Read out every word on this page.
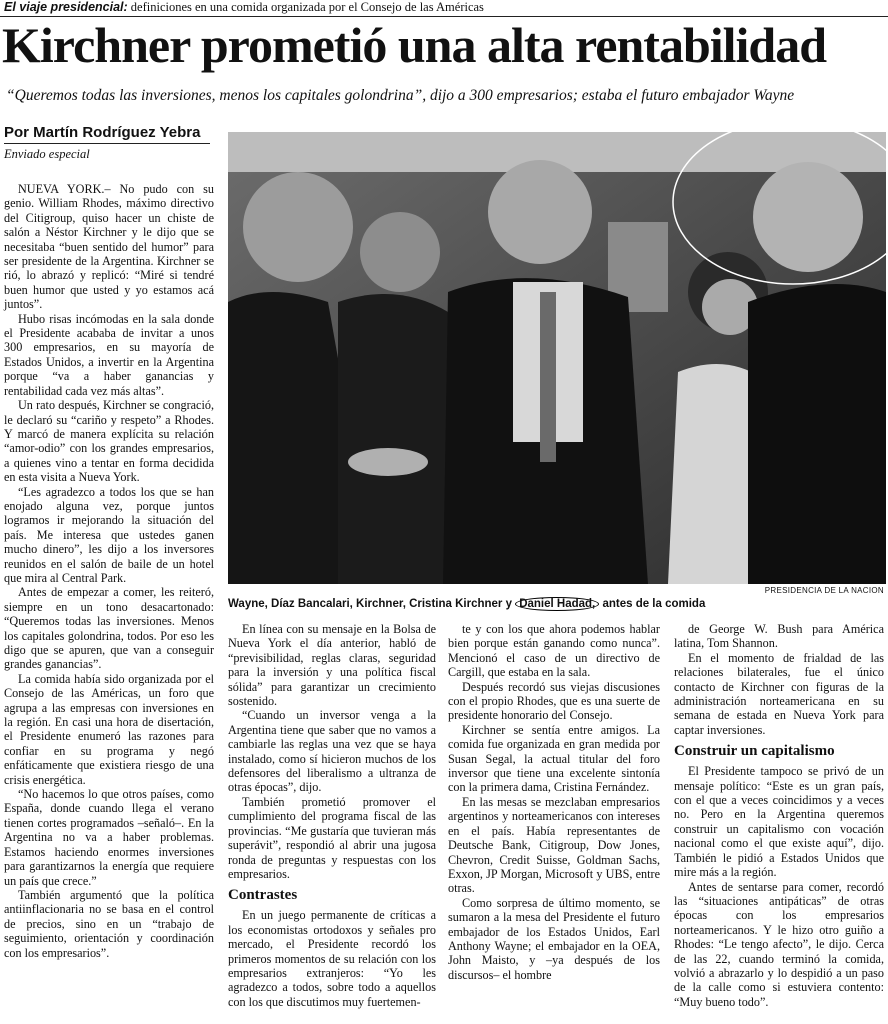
El viaje presidencial: definiciones en una comida organizada por el Consejo de las Américas
Kirchner prometió una alta rentabilidad
“Queremos todas las inversiones, menos los capitales golondrina”, dijo a 300 empresarios; estaba el futuro embajador Wayne
Por Martín Rodríguez Yebra
Enviado especial
PRESIDENCIA DE LA NACION
Wayne, Díaz Bancalari, Kirchner, Cristina Kirchner y Daniel Hadad, antes de la comida

NUEVA YORK.– No pudo con su genio. William Rhodes, máximo directivo del Citigroup, quiso hacer un chiste de salón a Néstor Kirchner y le dijo que se necesitaba “buen sentido del humor” para ser presidente de la Argentina. Kirchner se rió, lo abrazó y replicó: “Miré si tendré buen humor que usted y yo estamos acá juntos”.

Hubo risas incómodas en la sala donde el Presidente acababa de invitar a unos 300 empresarios, en su mayoría de Estados Unidos, a invertir en la Argentina porque “va a haber ganancias y rentabilidad cada vez más altas”.

Un rato después, Kirchner se congració, le declaró su “cariño y respeto” a Rhodes. Y marcó de manera explícita su relación “amor-odio” con los grandes empresarios, a quienes vino a tentar en forma decidida en esta visita a Nueva York.

“Les agradezco a todos los que se han enojado alguna vez, porque juntos logramos ir mejorando la situación del país. Me interesa que ustedes ganen mucho dinero”, les dijo a los inversores reunidos en el salón de baile de un hotel que mira al Central Park.

Antes de empezar a comer, les reiteró, siempre en un tono desacartonado: “Queremos todas las inversiones. Menos los capitales golondrina, todos. Por eso les digo que se apuren, que van a conseguir grandes ganancias”.

La comida había sido organizada por el Consejo de las Américas, un foro que agrupa a las empresas con inversiones en la región. En casi una hora de disertación, el Presidente enumeró las razones para confiar en su programa y negó enfáticamente que existiera riesgo de una crisis energética.

“No hacemos lo que otros países, como España, donde cuando llega el verano tienen cortes programados –señaló–. En la Argentina no va a haber problemas. Estamos haciendo enormes inversiones para garantizarnos la energía que requiere un país que crece.”

También argumentó que la política antiinflacionaria no se basa en el control de precios, sino en un “trabajo de seguimiento, orientación y coordinación con los empresarios”.

En línea con su mensaje en la Bolsa de Nueva York el día anterior, habló de “previsibilidad, reglas claras, seguridad para la inversión y una política fiscal sólida” para garantizar un crecimiento sostenido.

“Cuando un inversor venga a la Argentina tiene que saber que no vamos a cambiarle las reglas una vez que se haya instalado, como sí hicieron muchos de los defensores del liberalismo a ultranza de otras épocas”, dijo.

También prometió promover el cumplimiento del programa fiscal de las provincias. “Me gustaría que tuvieran más superávit”, respondió al abrir una jugosa ronda de preguntas y respuestas con los empresarios.

Contrastes

En un juego permanente de críticas a los economistas ortodoxos y señales pro mercado, el Presidente recordó los primeros momentos de su relación con los empresarios extranjeros: “Yo les agradezco a todos, sobre todo a aquellos con los que discutimos muy fuertemen-

te y con los que ahora podemos hablar bien porque están ganando como nunca”. Mencionó el caso de un directivo de Cargill, que estaba en la sala.

Después recordó sus viejas discusiones con el propio Rhodes, que es una suerte de presidente honorario del Consejo.

Kirchner se sentía entre amigos. La comida fue organizada en gran medida por Susan Segal, la actual titular del foro inversor que tiene una excelente sintonía con la primera dama, Cristina Fernández.

En las mesas se mezclaban empresarios argentinos y norteamericanos con intereses en el país. Había representantes de Deutsche Bank, Citigroup, Dow Jones, Chevron, Credit Suisse, Goldman Sachs, Exxon, JP Morgan, Microsoft y UBS, entre otras.

Como sorpresa de último momento, se sumaron a la mesa del Presidente el futuro embajador de los Estados Unidos, Earl Anthony Wayne; el embajador en la OEA, John Maisto, y –ya después de los discursos– el hombre

de George W. Bush para América latina, Tom Shannon.

En el momento de frialdad de las relaciones bilaterales, fue el único contacto de Kirchner con figuras de la administración norteamericana en su semana de estada en Nueva York para captar inversiones.

Construir un capitalismo

El Presidente tampoco se privó de un mensaje político: “Este es un gran país, con el que a veces coincidimos y a veces no. Pero en la Argentina queremos construir un capitalismo con vocación nacional como el que existe aquí”, dijo. También le pidió a Estados Unidos que mire más a la región.

Antes de sentarse para comer, recordó las “situaciones antipáticas” de otras épocas con los empresarios norteamericanos. Y le hizo otro guiño a Rhodes: “Le tengo afecto”, le dijo. Cerca de las 22, cuando terminó la comida, volvió a abrazarlo y lo despidió a un paso de la calle como si estuviera contento: “Muy bueno todo”.
